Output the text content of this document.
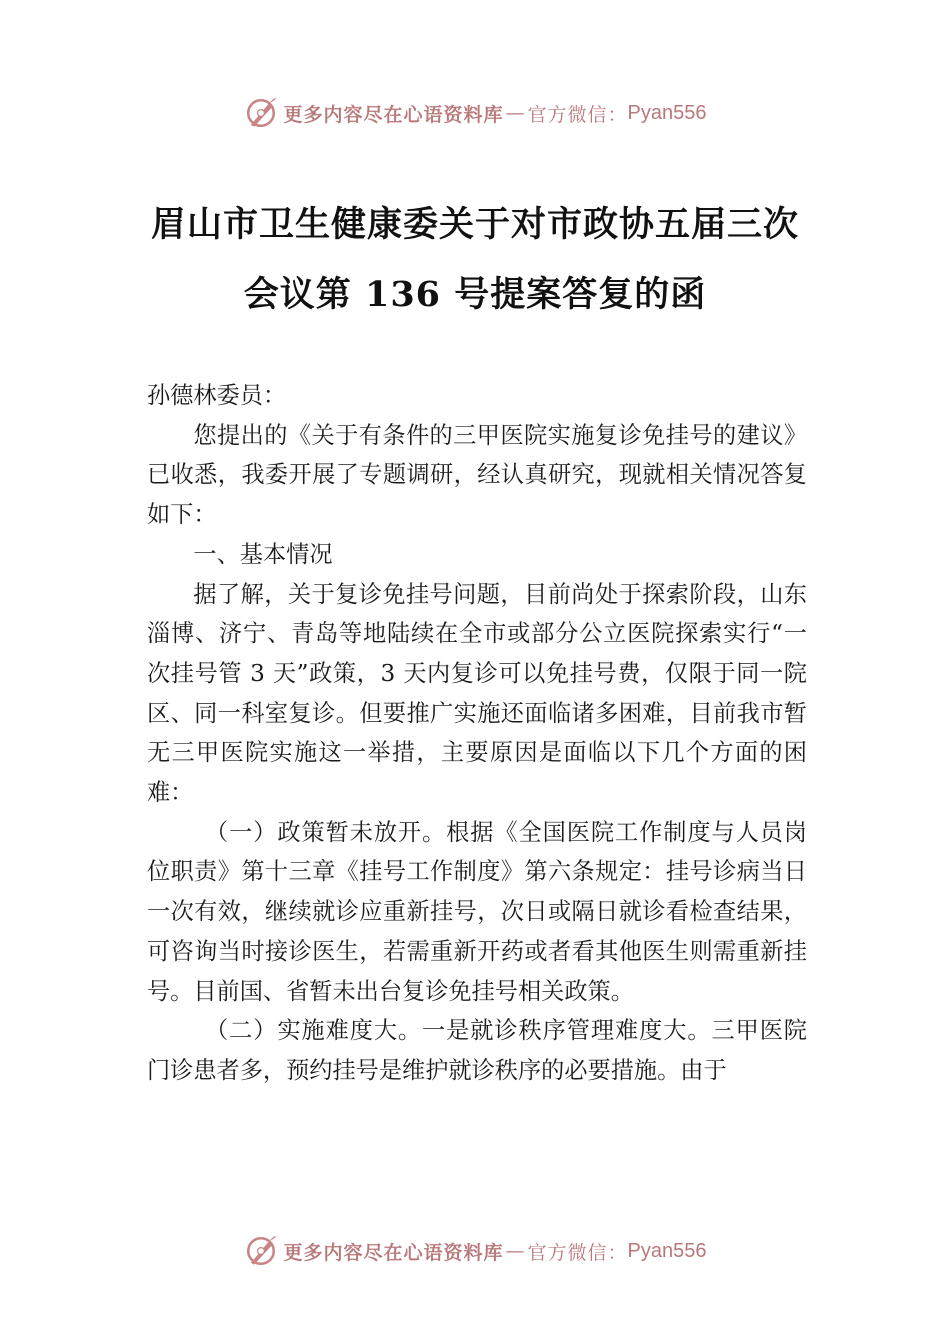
更多内容尽在心语资料库 — 官方微信： Pyan556
眉山市卫生健康委关于对市政协五届三次
会议第 136 号提案答复的函

孙德林委员：

您提出的《关于有条件的三甲医院实施复诊免挂号的建议》已收悉，我委开展了专题调研，经认真研究，现就相关情况答复如下：

一、基本情况

据了解，关于复诊免挂号问题，目前尚处于探索阶段，山东淄博、济宁、青岛等地陆续在全市或部分公立医院探索实行“一次挂号管 3 天”政策，3 天内复诊可以免挂号费，仅限于同一院区、同一科室复诊。但要推广实施还面临诸多困难，目前我市暂无三甲医院实施这一举措，主要原因是面临以下几个方面的困难：

（一）政策暂未放开。根据《全国医院工作制度与人员岗位职责》第十三章《挂号工作制度》第六条规定：挂号诊病当日一次有效，继续就诊应重新挂号，次日或隔日就诊看检查结果，可咨询当时接诊医生，若需重新开药或者看其他医生则需重新挂号。目前国、省暂未出台复诊免挂号相关政策。

（二）实施难度大。一是就诊秩序管理难度大。三甲医院门诊患者多，预约挂号是维护就诊秩序的必要措施。由于

更多内容尽在心语资料库 — 官方微信： Pyan556
